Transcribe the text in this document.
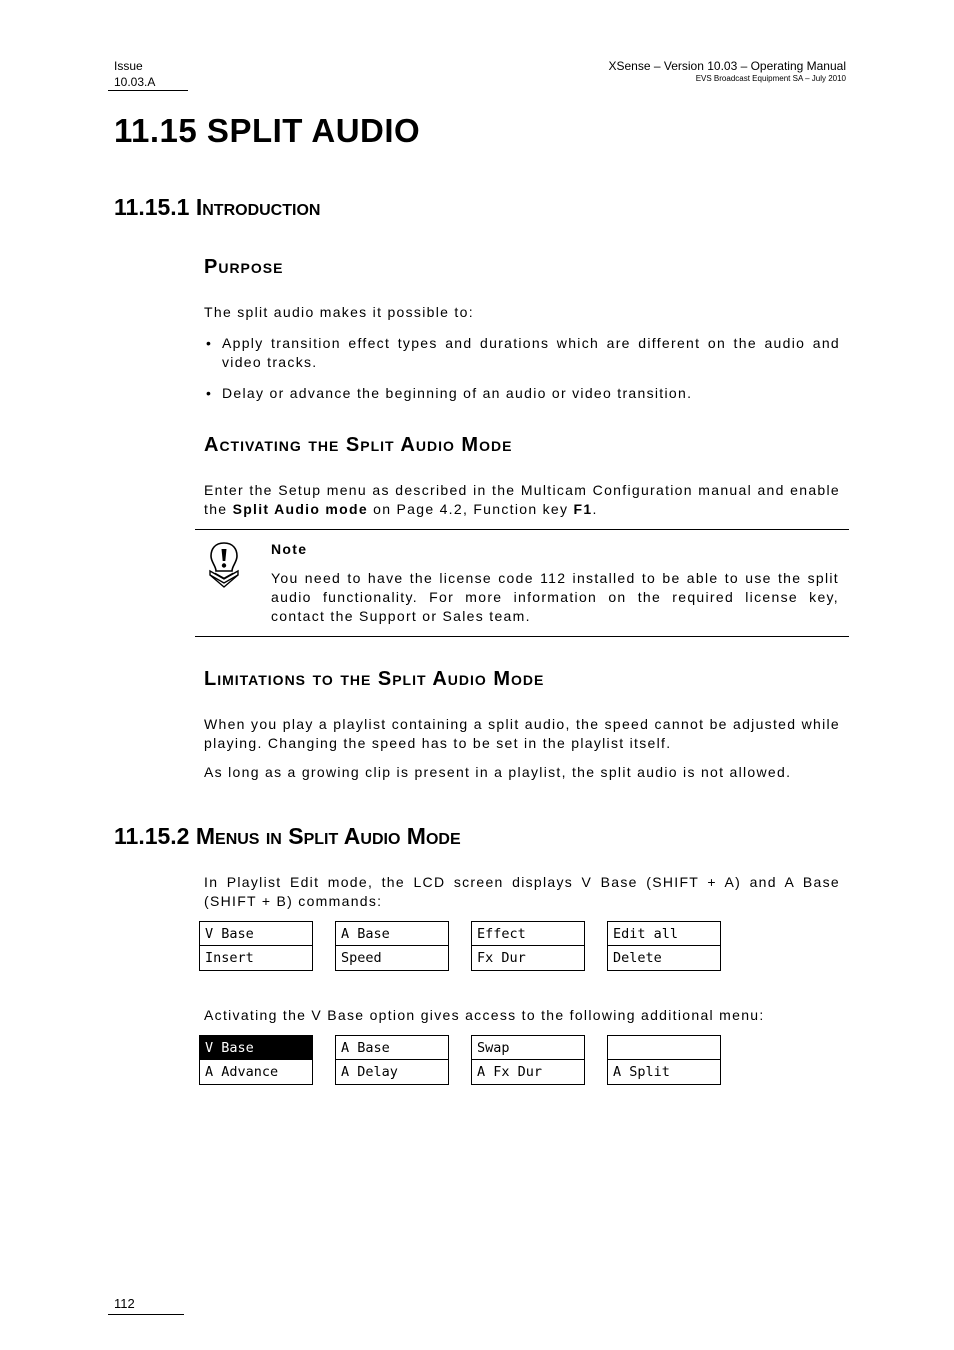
Issue
10.03.A
XSense – Version 10.03 – Operating Manual
EVS Broadcast Equipment SA – July 2010
11.15 SPLIT AUDIO
11.15.1 Introduction
Purpose
The split audio makes it possible to:
• Apply transition effect types and durations which are different on the audio and video tracks.
• Delay or advance the beginning of an audio or video transition.
Activating the Split Audio Mode
Enter the Setup menu as described in the Multicam Configuration manual and enable the Split Audio mode on Page 4.2, Function key F1.
Note
You need to have the license code 112 installed to be able to use the split audio functionality. For more information on the required license key, contact the Support or Sales team.
Limitations to the Split Audio Mode
When you play a playlist containing a split audio, the speed cannot be adjusted while playing. Changing the speed has to be set in the playlist itself.
As long as a growing clip is present in a playlist, the split audio is not allowed.
11.15.2 Menus in Split Audio Mode
In Playlist Edit mode, the LCD screen displays V Base (SHIFT + A) and A Base (SHIFT + B) commands:
V Base
Insert
A Base
Speed
Effect
Fx Dur
Edit all
Delete
Activating the V Base option gives access to the following additional menu:
V Base
A Advance
A Base
A Delay
Swap
A Fx Dur	A Split
112
